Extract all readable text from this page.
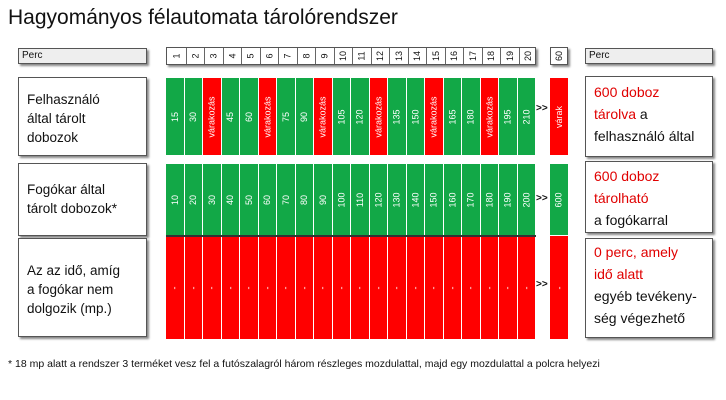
Hagyományos félautomata tárolórendszer
Perc	1 2 3 4 5 6 7 8 9 10 11 12 13 14 15 16 17 18 19 20 60	Perc
Felhasználó
által tárolt
dobozok
Fogókar által
tárolt dobozok*
Az az idő, amíg
a fogókar nem
dolgozik (mp.)
15 30 várakozás 45 60 várakozás 75 90 várakozás 105 120 várakozás 135 150 várakozás 165 180 várakozás 195 210
10 20 30 40 50 60 70 80 90 100 110 120 130 140 150 160 170 180 190 200
- - - - - - - - - - - - - - - - - - - -
>>
>>
>>
várak
600
-
600 doboz
tárolva a
felhasználó által
600 doboz
tárolható
a fogókarral
0 perc, amely
idő alatt
egyéb tevékeny-
ség végezhető
* 18 mp alatt a rendszer 3 terméket vesz fel a futószalagról három részleges mozdulattal, majd egy mozdulattal a polcra helyezi
